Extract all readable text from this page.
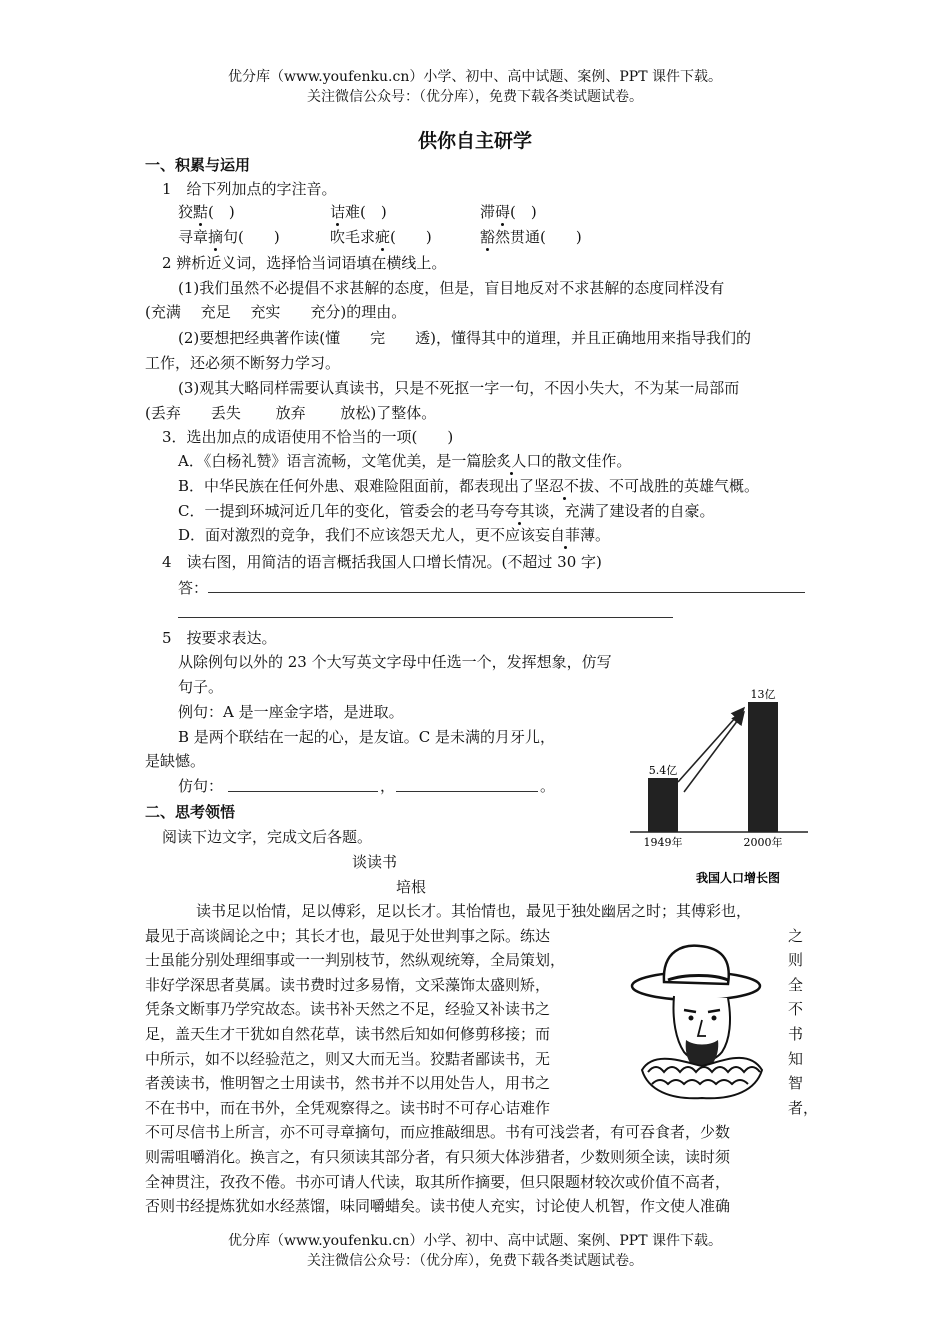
优分库（www.youfenku.cn）小学、初中、高中试题、案例、PPT 课件下载。
关注微信公众号：（优分库），免费下载各类试题试卷。
供你自主研学
一、积累与运用
1　给下列加点的字注音。
狡黠(　)	诘难(　)	滞碍(　)
寻章摘句(　　)	吹毛求疵(　　)	豁然贯通(　　)
2 辨析近义词，选择恰当词语填在横线上。
(1)我们虽然不必提倡不求甚解的态度，但是，盲目地反对不求甚解的态度同样没有
(充满　 充足　 充实　　充分)的理由。
(2)要想把经典著作读(懂　　完　　透)，懂得其中的道理，并且正确地用来指导我们的
工作，还必须不断努力学习。
(3)观其大略同样需要认真读书，只是不死抠一字一句，不因小失大，不为某一局部而
(丢弃　　丢失　　 放弃　　 放松)了整体。
3．选出加点的成语使用不恰当的一项(　　)
A．《白杨礼赞》语言流畅，文笔优美，是一篇脍炙人口的散文佳作。
B．中华民族在任何外患、艰难险阻面前，都表现出了坚忍不拔、不可战胜的英雄气概。
C．一提到环城河近几年的变化，管委会的老马夸夸其谈，充满了建设者的自豪。
D．面对激烈的竞争，我们不应该怨天尤人，更不应该妄自菲薄。
4　读右图，用简洁的语言概括我国人口增长情况。(不超过 30 字)
答：
5　按要求表达。
从除例句以外的 23 个大写英文字母中任选一个，发挥想象，仿写
句子。
例句：A 是一座金字塔，是进取。
B 是两个联结在一起的心，是友谊。C 是未满的月牙儿，
是缺憾。
仿句：	，	。
5.4亿
1949年
13亿
2000年
我国人口增长图
二、思考领悟
阅读下边文字，完成文后各题。
谈读书
培根
读书足以怡情，足以傅彩，足以长才。其怡情也，最见于独处幽居之时；其傅彩也，
最见于高谈阔论之中；其长才也，最见于处世判事之际。练达	之
士虽能分别处理细事或一一判别枝节，然纵观统筹，全局策划，	则
非好学深思者莫属。读书费时过多易惰，文采藻饰太盛则矫，	全
凭条文断事乃学究故态。读书补天然之不足，经验又补读书之	不
足，盖天生才干犹如自然花草，读书然后知如何修剪移接；而	书
中所示，如不以经验范之，则又大而无当。狡黠者鄙读书，无	知
者羡读书，惟明智之士用读书，然书并不以用处告人，用书之	智
不在书中，而在书外，全凭观察得之。读书时不可存心诘难作	者，
不可尽信书上所言，亦不可寻章摘句，而应推敲细思。书有可浅尝者，有可吞食者，少数
则需咀嚼消化。换言之，有只须读其部分者，有只须大体涉猎者，少数则须全读，读时须
全神贯注，孜孜不倦。书亦可请人代读，取其所作摘要，但只限题材较次或价值不高者，
否则书经提炼犹如水经蒸馏，味同嚼蜡矣。读书使人充实，讨论使人机智，作文使人准确
优分库（www.youfenku.cn）小学、初中、高中试题、案例、PPT 课件下载。
关注微信公众号：（优分库），免费下载各类试题试卷。
